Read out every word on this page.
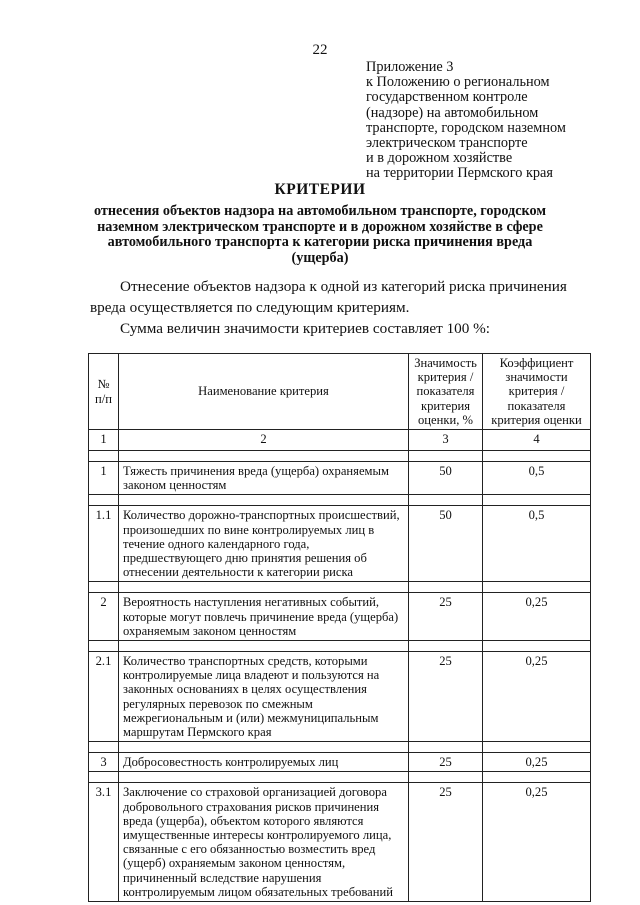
22
Приложение 3
к Положению о региональном
государственном контроле
(надзоре) на автомобильном
транспорте, городском наземном
электрическом транспорте
и в дорожном хозяйстве
на территории Пермского края
КРИТЕРИИ
отнесения объектов надзора на автомобильном транспорте, городском
наземном электрическом транспорте и в дорожном хозяйстве в сфере
автомобильного транспорта к категории риска причинения вреда
(ущерба)
Отнесение объектов надзора к одной из категорий риска причинения вреда осуществляется по следующим критериям.
Сумма величин значимости критериев составляет 100 %:
№ п/п	Наименование критерия	Значимость критерия / показателя критерия оценки, %	Коэффициент значимости критерия / показателя критерия оценки
1	2	3	4

1	Тяжесть причинения вреда (ущерба) охраняемым законом ценностям	50	0,5

1.1	Количество дорожно-транспортных происшествий, произошедших по вине контролируемых лиц в течение одного календарного года, предшествующего дню принятия решения об отнесении деятельности к категории риска	50	0,5

2	Вероятность наступления негативных событий, которые могут повлечь причинение вреда (ущерба) охраняемым законом ценностям	25	0,25

2.1	Количество транспортных средств, которыми контролируемые лица владеют и пользуются на законных основаниях в целях осуществления регулярных перевозок по смежным межрегиональным и (или) межмуниципальным маршрутам Пермского края	25	0,25

3	Добросовестность контролируемых лиц	25	0,25

3.1	Заключение со страховой организацией договора добровольного страхования рисков причинения вреда (ущерба), объектом которого являются имущественные интересы контролируемого лица, связанные с его обязанностью возместить вред (ущерб) охраняемым законом ценностям, причиненный вследствие нарушения контролируемым лицом обязательных требований	25	0,25
